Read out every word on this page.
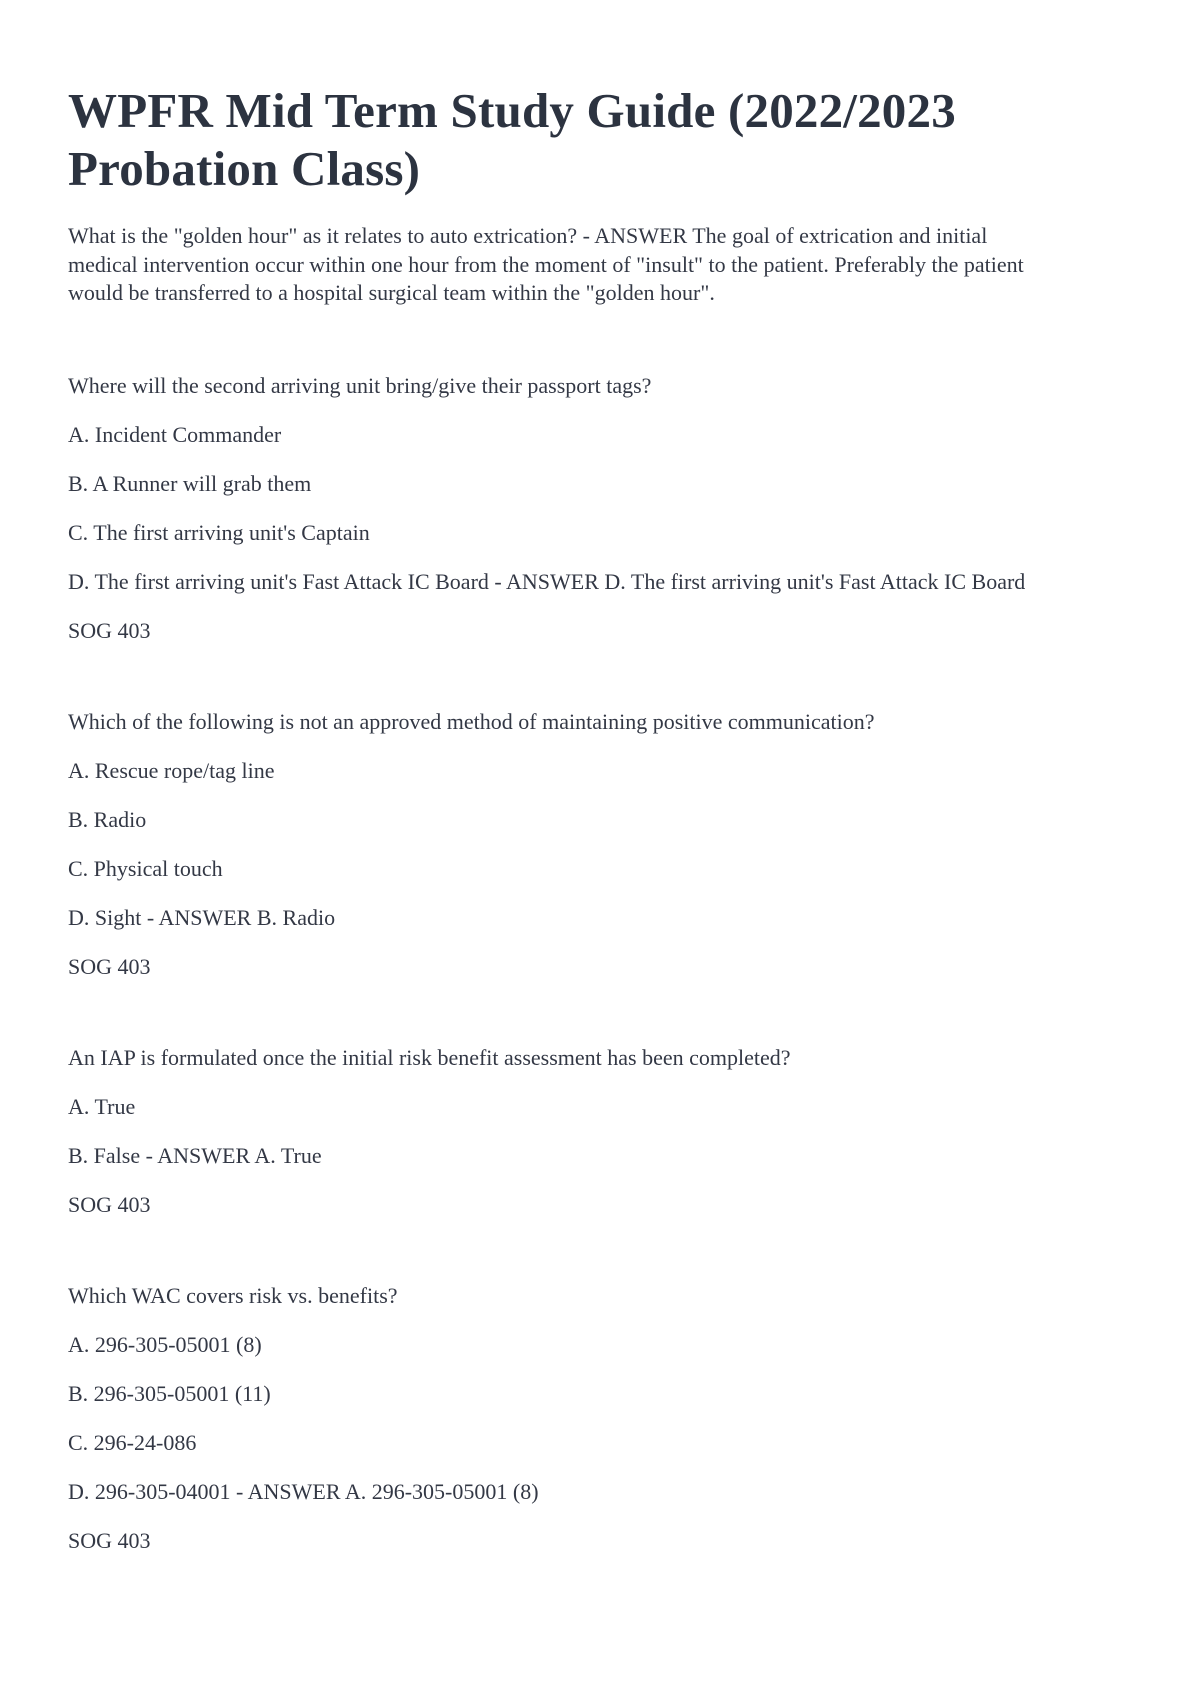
WPFR Mid Term Study Guide (2022/2023
Probation Class)

What is the "golden hour" as it relates to auto extrication? - ANSWER The goal of extrication and initial
medical intervention occur within one hour from the moment of "insult" to the patient. Preferably the patient
would be transferred to a hospital surgical team within the "golden hour".

Where will the second arriving unit bring/give their passport tags?

A. Incident Commander

B. A Runner will grab them

C. The first arriving unit's Captain

D. The first arriving unit's Fast Attack IC Board - ANSWER D. The first arriving unit's Fast Attack IC Board

SOG 403

Which of the following is not an approved method of maintaining positive communication?

A. Rescue rope/tag line

B. Radio

C. Physical touch

D. Sight - ANSWER B. Radio

SOG 403

An IAP is formulated once the initial risk benefit assessment has been completed?

A. True

B. False - ANSWER A. True

SOG 403

Which WAC covers risk vs. benefits?

A. 296-305-05001 (8)

B. 296-305-05001 (11)

C. 296-24-086

D. 296-305-04001 - ANSWER A. 296-305-05001 (8)

SOG 403
